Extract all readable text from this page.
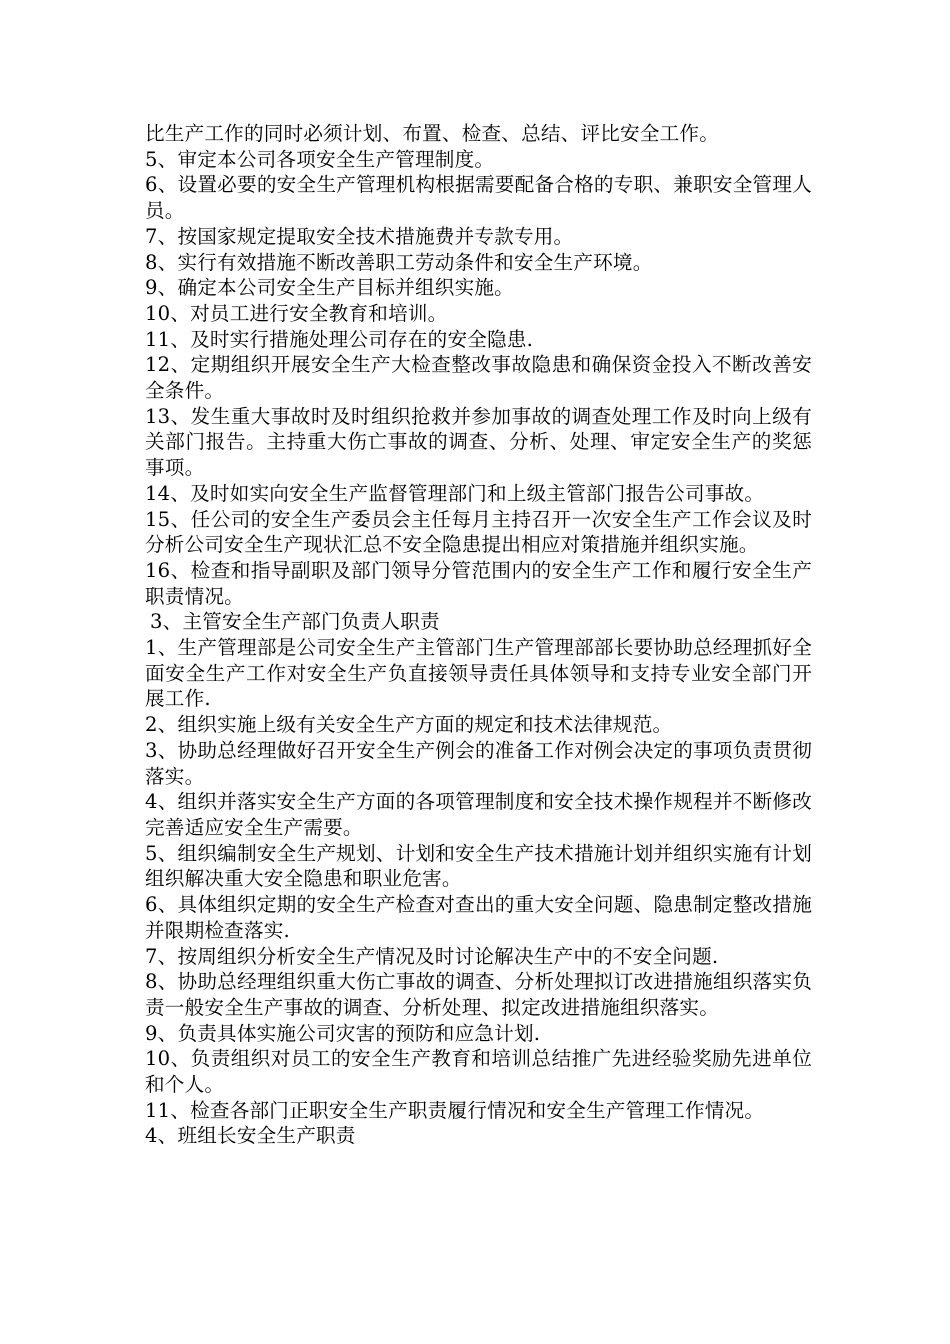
比生产工作的同时必须计划、布置、检查、总结、评比安全工作。

5、审定本公司各项安全生产管理制度。

6、设置必要的安全生产管理机构根据需要配备合格的专职、兼职安全管理人员。

7、按国家规定提取安全技术措施费并专款专用。

8、实行有效措施不断改善职工劳动条件和安全生产环境。

9、确定本公司安全生产目标并组织实施。

10、对员工进行安全教育和培训。

11、及时实行措施处理公司存在的安全隐患.

12、定期组织开展安全生产大检查整改事故隐患和确保资金投入不断改善安全条件。

13、发生重大事故时及时组织抢救并参加事故的调查处理工作及时向上级有关部门报告。主持重大伤亡事故的调查、分析、处理、审定安全生产的奖惩事项。

14、及时如实向安全生产监督管理部门和上级主管部门报告公司事故。

15、任公司的安全生产委员会主任每月主持召开一次安全生产工作会议及时分析公司安全生产现状汇总不安全隐患提出相应对策措施并组织实施。

16、检查和指导副职及部门领导分管范围内的安全生产工作和履行安全生产职责情况。

3、主管安全生产部门负责人职责

1、生产管理部是公司安全生产主管部门生产管理部部长要协助总经理抓好全面安全生产工作对安全生产负直接领导责任具体领导和支持专业安全部门开展工作.

2、组织实施上级有关安全生产方面的规定和技术法律规范。

3、协助总经理做好召开安全生产例会的准备工作对例会决定的事项负责贯彻落实。

4、组织并落实安全生产方面的各项管理制度和安全技术操作规程并不断修改完善适应安全生产需要。

5、组织编制安全生产规划、计划和安全生产技术措施计划并组织实施有计划组织解决重大安全隐患和职业危害。

6、具体组织定期的安全生产检查对查出的重大安全问题、隐患制定整改措施并限期检查落实.

7、按周组织分析安全生产情况及时讨论解决生产中的不安全问题.

8、协助总经理组织重大伤亡事故的调查、分析处理拟订改进措施组织落实负责一般安全生产事故的调查、分析处理、拟定改进措施组织落实。

9、负责具体实施公司灾害的预防和应急计划.

10、负责组织对员工的安全生产教育和培训总结推广先进经验奖励先进单位和个人。

11、检查各部门正职安全生产职责履行情况和安全生产管理工作情况。

4、班组长安全生产职责
